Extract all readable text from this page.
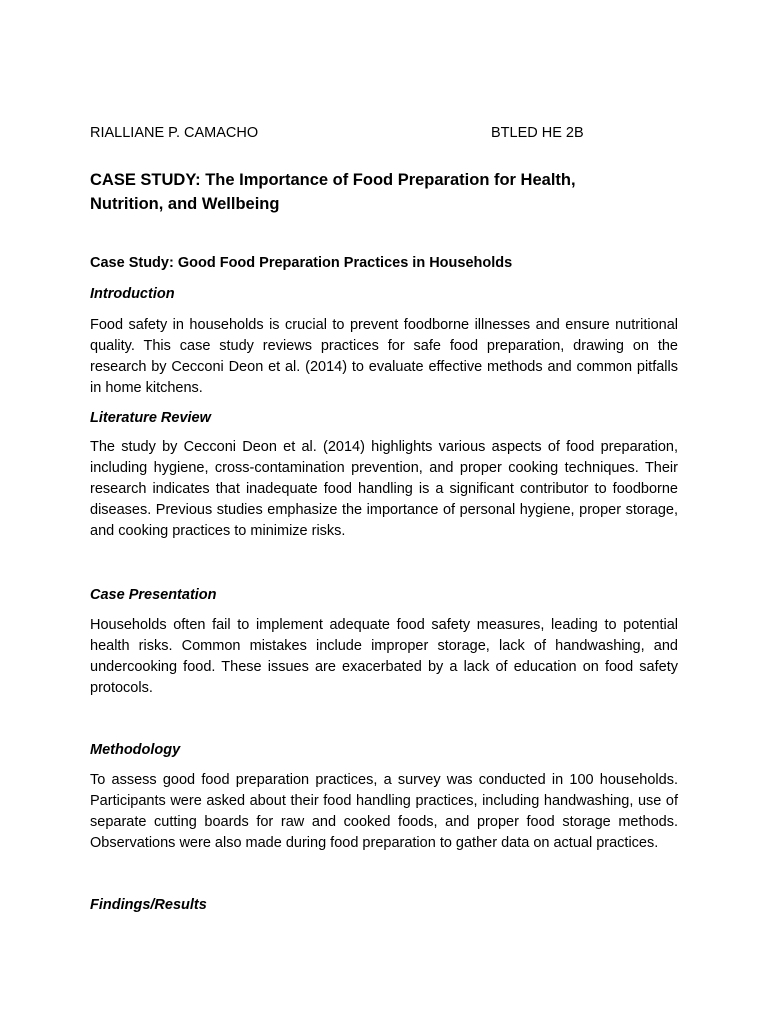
RIALLIANE P. CAMACHO	BTLED HE 2B
CASE STUDY: The Importance of Food Preparation for Health, Nutrition, and Wellbeing
Case Study: Good Food Preparation Practices in Households
Introduction

Food safety in households is crucial to prevent foodborne illnesses and ensure nutritional quality. This case study reviews practices for safe food preparation, drawing on the research by Cecconi Deon et al. (2014) to evaluate effective methods and common pitfalls in home kitchens.

Literature Review

The study by Cecconi Deon et al. (2014) highlights various aspects of food preparation, including hygiene, cross-contamination prevention, and proper cooking techniques. Their research indicates that inadequate food handling is a significant contributor to foodborne diseases. Previous studies emphasize the importance of personal hygiene, proper storage, and cooking practices to minimize risks.

Case Presentation

Households often fail to implement adequate food safety measures, leading to potential health risks. Common mistakes include improper storage, lack of handwashing, and undercooking food. These issues are exacerbated by a lack of education on food safety protocols.

Methodology

To assess good food preparation practices, a survey was conducted in 100 households. Participants were asked about their food handling practices, including handwashing, use of separate cutting boards for raw and cooked foods, and proper food storage methods. Observations were also made during food preparation to gather data on actual practices.

Findings/Results
